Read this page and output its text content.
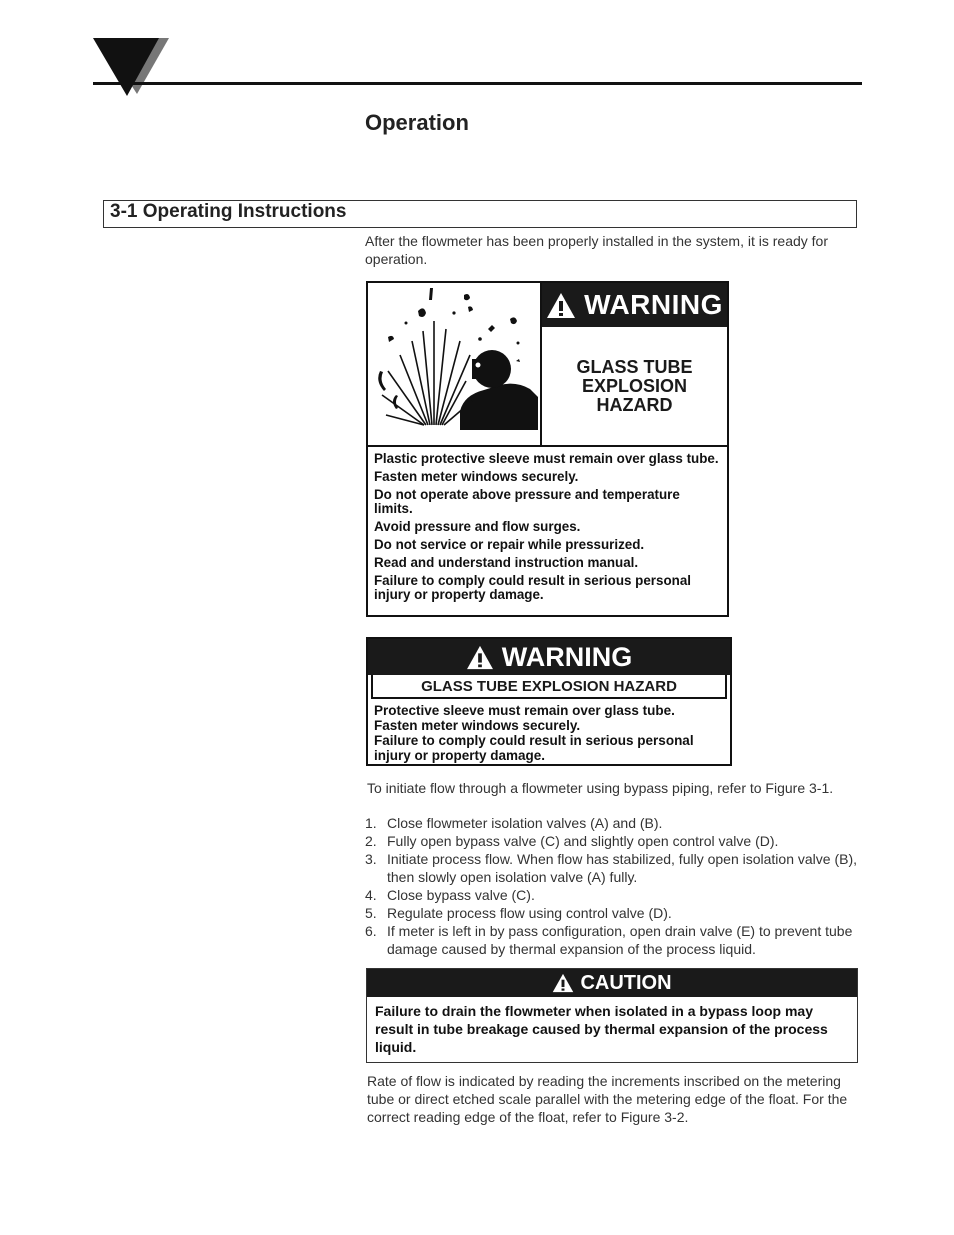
Operation
3-1 Operating Instructions
After the flowmeter has been properly installed in the system, it is ready for operation.
WARNING
GLASS TUBE
EXPLOSION
HAZARD
Plastic protective sleeve must remain over glass tube.
Fasten meter windows securely.
Do not operate above pressure and temperature limits.
Avoid pressure and flow surges.
Do not service or repair while pressurized.
Read and understand instruction manual.
Failure to comply could result in serious personal injury or property damage.
WARNING
GLASS TUBE EXPLOSION HAZARD
Protective sleeve must remain over glass tube.
Fasten meter windows securely.
Failure to comply could result in serious personal injury or property damage.
To initiate flow through a flowmeter using bypass piping, refer to Figure 3-1.
1. Close flowmeter isolation valves (A) and (B).
2. Fully open bypass valve (C) and slightly open control valve (D).
3. Initiate process flow. When flow has stabilized, fully open isolation valve (B), then slowly open isolation valve (A) fully.
4. Close bypass valve (C).
5. Regulate process flow using control valve (D).
6. If meter is left in by pass configuration, open drain valve (E) to prevent tube damage caused by thermal expansion of the process liquid.
CAUTION
Failure to drain the flowmeter when isolated in a bypass loop may result in tube breakage caused by thermal expansion of the process liquid.
Rate of flow is indicated by reading the increments inscribed on the metering tube or direct etched scale parallel with the metering edge of the float. For the correct reading edge of the float, refer to Figure 3-2.
